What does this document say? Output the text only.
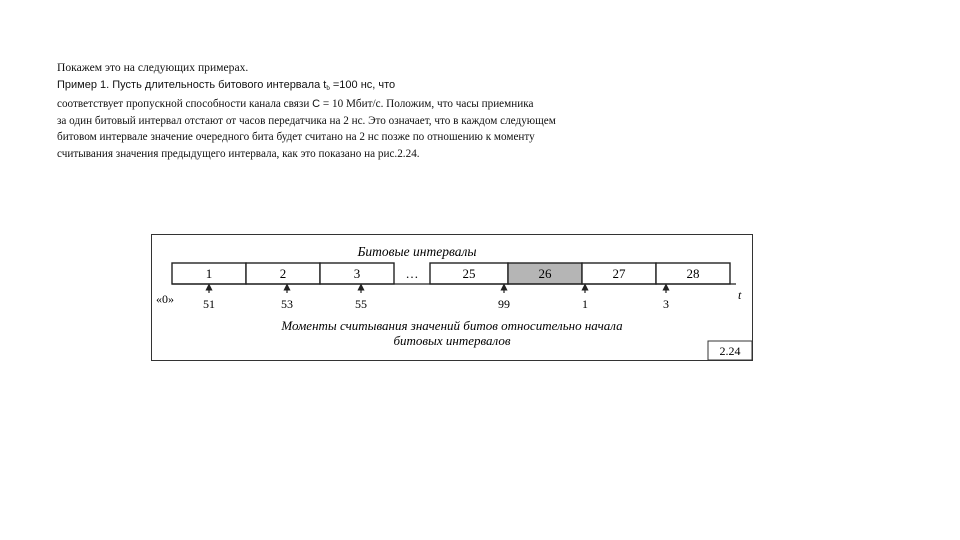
Покажем это на следующих примерах.

Пример 1. Пусть длительность битового интервала $t_b =100$ нс, что

соответствует пропускной способности канала связи С = 10 Мбит/с. Положим, что часы приемника

за один битовый интервал отстают от часов передатчика на 2 нс. Это означает, что в каждом следующем

битовом интервале значение очередного бита будет считано на 2 нс позже по отношению к моменту

считывания значения предыдущего интервала, как это показано на рис.2.24.

Битовые интервалы
1	2	3	…	25	26	27	28
51	53	55	99	1	3
«0»	t
Моменты считывания значений битов относительно начала
битовых интервалов
2.24
